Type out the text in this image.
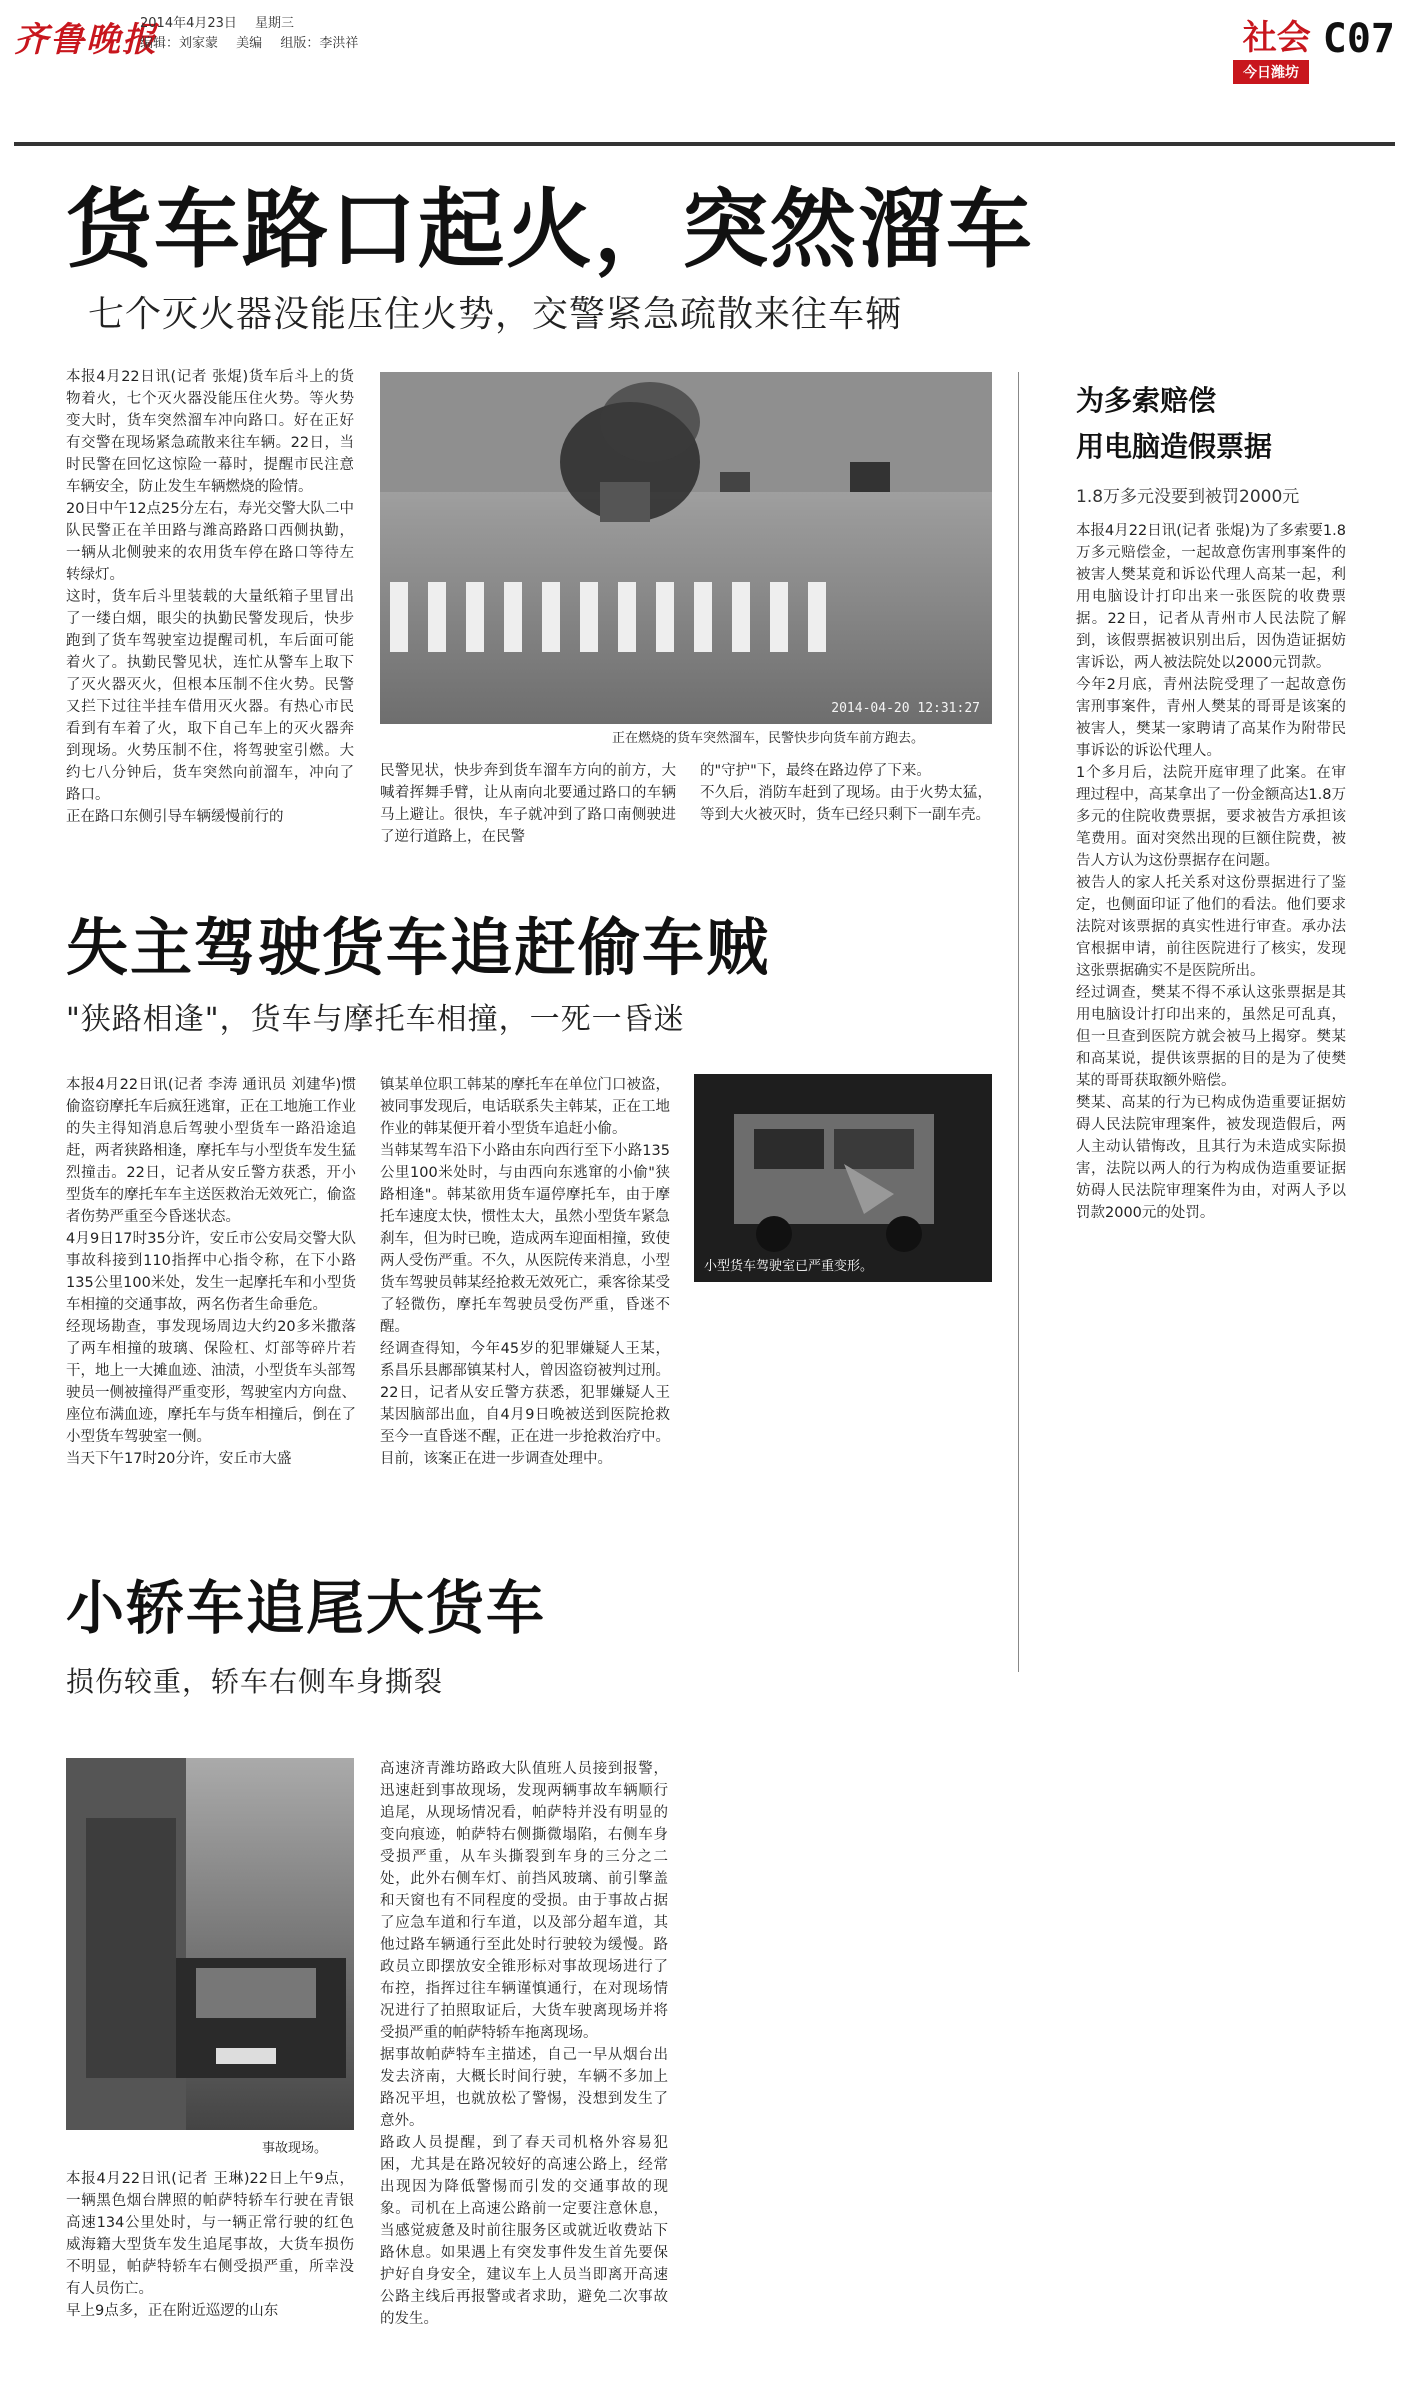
齐鲁晚报
2014年4月23日 星期三
编辑：刘家蒙 美编 组版：李洪祥	社会 C07
今日潍坊
货车路口起火，突然溜车
七个灭火器没能压住火势，交警紧急疏散来往车辆
本报4月22日讯(记者 张焜)货车后斗上的货物着火，七个灭火器没能压住火势。等火势变大时，货车突然溜车冲向路口。好在正好有交警在现场紧急疏散来往车辆。22日，当时民警在回忆这惊险一幕时，提醒市民注意车辆安全，防止发生车辆燃烧的险情。
20日中午12点25分左右，寿光交警大队二中队民警正在羊田路与潍高路路口西侧执勤，一辆从北侧驶来的农用货车停在路口等待左转绿灯。
这时，货车后斗里装载的大量纸箱子里冒出了一缕白烟，眼尖的执勤民警发现后，快步跑到了货车驾驶室边提醒司机，车后面可能着火了。执勤民警见状，连忙从警车上取下了灭火器灭火，但根本压制不住火势。民警又拦下过往半挂车借用灭火器。有热心市民看到有车着了火，取下自己车上的灭火器奔到现场。火势压制不住，将驾驶室引燃。大约七八分钟后，货车突然向前溜车，冲向了路口。
正在路口东侧引导车辆缓慢前行的
2014-04-20 12:31:27
正在燃烧的货车突然溜车，民警快步向货车前方跑去。
民警见状，快步奔到货车溜车方向的前方，大喊着挥舞手臂，让从南向北要通过路口的车辆马上避让。很快，车子就冲到了路口南侧驶进了逆行道路上，在民警
的"守护"下，最终在路边停了下来。
不久后，消防车赶到了现场。由于火势太猛，等到大火被灭时，货车已经只剩下一副车壳。
为多索赔偿
用电脑造假票据
1.8万多元没要到被罚2000元
本报4月22日讯(记者 张焜)为了多索要1.8万多元赔偿金，一起故意伤害刑事案件的被害人樊某竟和诉讼代理人高某一起，利用电脑设计打印出来一张医院的收费票据。22日，记者从青州市人民法院了解到，该假票据被识别出后，因伪造证据妨害诉讼，两人被法院处以2000元罚款。
今年2月底，青州法院受理了一起故意伤害刑事案件，青州人樊某的哥哥是该案的被害人，樊某一家聘请了高某作为附带民事诉讼的诉讼代理人。
1个多月后，法院开庭审理了此案。在审理过程中，高某拿出了一份金额高达1.8万多元的住院收费票据，要求被告方承担该笔费用。面对突然出现的巨额住院费，被告人方认为这份票据存在问题。
被告人的家人托关系对这份票据进行了鉴定，也侧面印证了他们的看法。他们要求法院对该票据的真实性进行审查。承办法官根据申请，前往医院进行了核实，发现这张票据确实不是医院所出。
经过调查，樊某不得不承认这张票据是其用电脑设计打印出来的，虽然足可乱真，但一旦查到医院方就会被马上揭穿。樊某和高某说，提供该票据的目的是为了使樊某的哥哥获取额外赔偿。
樊某、高某的行为已构成伪造重要证据妨碍人民法院审理案件，被发现造假后，两人主动认错悔改，且其行为未造成实际损害，法院以两人的行为构成伪造重要证据妨碍人民法院审理案件为由，对两人予以罚款2000元的处罚。
失主驾驶货车追赶偷车贼
"狭路相逢"，货车与摩托车相撞，一死一昏迷
本报4月22日讯(记者 李涛 通讯员 刘建华)惯偷盗窃摩托车后疯狂逃窜，正在工地施工作业的失主得知消息后驾驶小型货车一路沿途追赶，两者狭路相逢，摩托车与小型货车发生猛烈撞击。22日，记者从安丘警方获悉，开小型货车的摩托车车主送医救治无效死亡，偷盗者伤势严重至今昏迷状态。
4月9日17时35分许，安丘市公安局交警大队事故科接到110指挥中心指令称，在下小路135公里100米处，发生一起摩托车和小型货车相撞的交通事故，两名伤者生命垂危。
经现场勘查，事发现场周边大约20多米撒落了两车相撞的玻璃、保险杠、灯部等碎片若干，地上一大摊血迹、油渍，小型货车头部驾驶员一侧被撞得严重变形，驾驶室内方向盘、座位布满血迹，摩托车与货车相撞后，倒在了小型货车驾驶室一侧。
当天下午17时20分许，安丘市大盛
镇某单位职工韩某的摩托车在单位门口被盗，被同事发现后，电话联系失主韩某，正在工地作业的韩某便开着小型货车追赶小偷。
当韩某驾车沿下小路由东向西行至下小路135公里100米处时，与由西向东逃窜的小偷"狭路相逢"。韩某欲用货车逼停摩托车，由于摩托车速度太快，惯性太大，虽然小型货车紧急刹车，但为时已晚，造成两车迎面相撞，致使两人受伤严重。不久，从医院传来消息，小型货车驾驶员韩某经抢救无效死亡，乘客徐某受了轻微伤，摩托车驾驶员受伤严重，昏迷不醒。
经调查得知，今年45岁的犯罪嫌疑人王某，系昌乐县鄌郚镇某村人，曾因盗窃被判过刑。22日，记者从安丘警方获悉，犯罪嫌疑人王某因脑部出血，自4月9日晚被送到医院抢救至今一直昏迷不醒，正在进一步抢救治疗中。
目前，该案正在进一步调查处理中。
小型货车驾驶室已严重变形。
小轿车追尾大货车
损伤较重，轿车右侧车身撕裂
事故现场。
本报4月22日讯(记者 王琳)22日上午9点，一辆黑色烟台牌照的帕萨特轿车行驶在青银高速134公里处时，与一辆正常行驶的红色威海籍大型货车发生追尾事故，大货车损伤不明显，帕萨特轿车右侧受损严重，所幸没有人员伤亡。
早上9点多，正在附近巡逻的山东
高速济青潍坊路政大队值班人员接到报警，迅速赶到事故现场，发现两辆事故车辆顺行追尾，从现场情况看，帕萨特并没有明显的变向痕迹，帕萨特右侧撕微塌陷，右侧车身受损严重，从车头撕裂到车身的三分之二处，此外右侧车灯、前挡风玻璃、前引擎盖和天窗也有不同程度的受损。由于事故占据了应急车道和行车道，以及部分超车道，其他过路车辆通行至此处时行驶较为缓慢。路政员立即摆放安全锥形标对事故现场进行了布控，指挥过往车辆谨慎通行，在对现场情况进行了拍照取证后，大货车驶离现场并将受损严重的帕萨特轿车拖离现场。
据事故帕萨特车主描述，自己一早从烟台出发去济南，大概长时间行驶，车辆不多加上路况平坦，也就放松了警惕，没想到发生了意外。
路政人员提醒，到了春天司机格外容易犯困，尤其是在路况较好的高速公路上，经常出现因为降低警惕而引发的交通事故的现象。司机在上高速公路前一定要注意休息，当感觉疲惫及时前往服务区或就近收费站下路休息。如果遇上有突发事件发生首先要保护好自身安全，建议车上人员当即离开高速公路主线后再报警或者求助，避免二次事故的发生。
